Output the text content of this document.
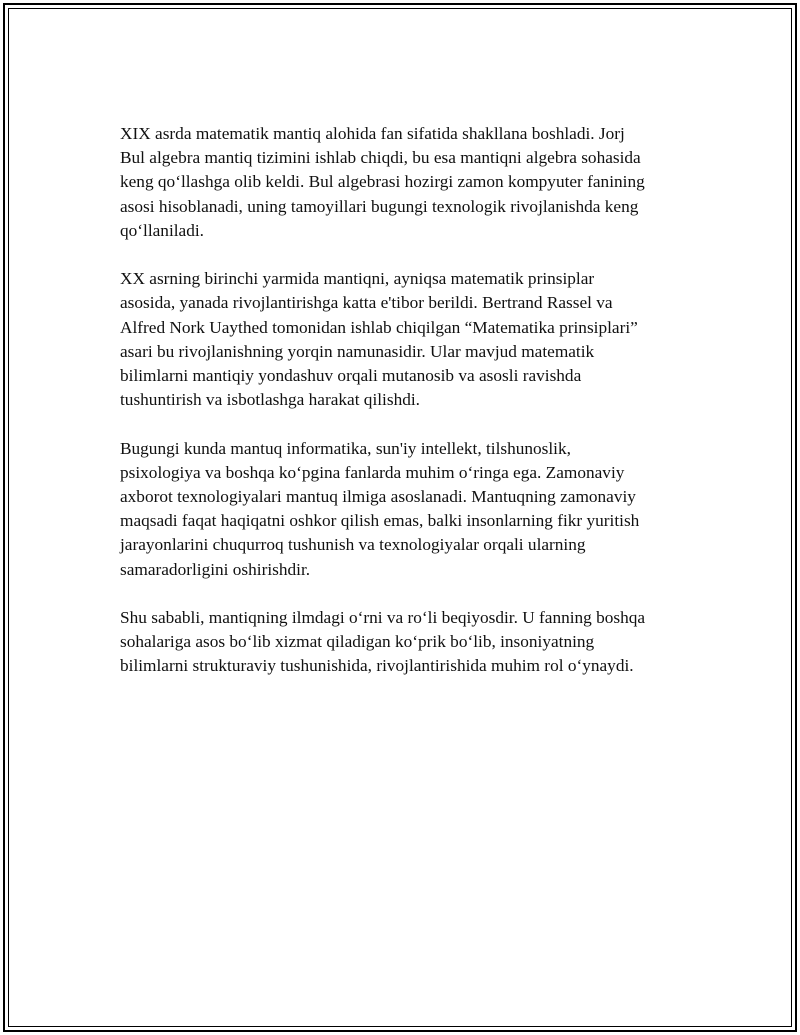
XIX asrda matematik mantiq alohida fan sifatida shakllana boshladi. Jorj
Bul algebra mantiq tizimini ishlab chiqdi, bu esa mantiqni algebra sohasida
keng qo‘llashga olib keldi. Bul algebrasi hozirgi zamon kompyuter fanining
asosi hisoblanadi, uning tamoyillari bugungi texnologik rivojlanishda keng
qo‘llaniladi.

XX asrning birinchi yarmida mantiqni, ayniqsa matematik prinsiplar
asosida, yanada rivojlantirishga katta e'tibor berildi. Bertrand Rassel va
Alfred Nork Uaythed tomonidan ishlab chiqilgan “Matematika prinsiplari”
asari bu rivojlanishning yorqin namunasidir. Ular mavjud matematik
bilimlarni mantiqiy yondashuv orqali mutanosib va asosli ravishda
tushuntirish va isbotlashga harakat qilishdi.

Bugungi kunda mantuq informatika, sun'iy intellekt, tilshunoslik,
psixologiya va boshqa ko‘pgina fanlarda muhim o‘ringa ega. Zamonaviy
axborot texnologiyalari mantuq ilmiga asoslanadi. Mantuqning zamonaviy
maqsadi faqat haqiqatni oshkor qilish emas, balki insonlarning fikr yuritish
jarayonlarini chuqurroq tushunish va texnologiyalar orqali ularning
samaradorligini oshirishdir.

Shu sababli, mantiqning ilmdagi o‘rni va ro‘li beqiyosdir. U fanning boshqa
sohalariga asos bo‘lib xizmat qiladigan ko‘prik bo‘lib, insoniyatning
bilimlarni strukturaviy tushunishida, rivojlantirishida muhim rol o‘ynaydi.
